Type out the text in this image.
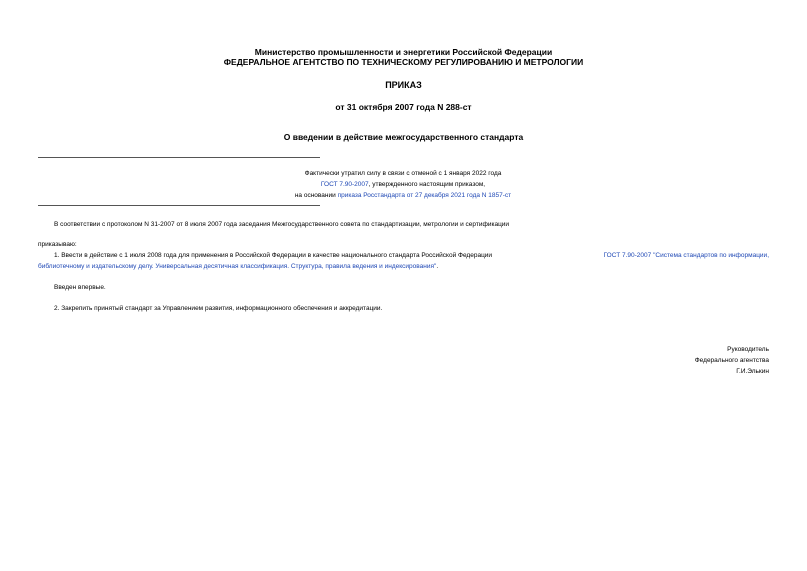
Министерство промышленности и энергетики Российской Федерации
ФЕДЕРАЛЬНОЕ АГЕНТСТВО ПО ТЕХНИЧЕСКОМУ РЕГУЛИРОВАНИЮ И МЕТРОЛОГИИ
ПРИКАЗ
от 31 октября 2007 года N 288-ст
О введении в действие межгосударственного стандарта
Фактически утратил силу в связи с отменой с 1 января 2022 года
ГОСТ 7.90-2007, утвержденного настоящим приказом,
на основании приказа Росстандарта от 27 декабря 2021 года N 1857-ст
В соответствии с протоколом N 31-2007 от 8 июля 2007 года заседания Межгосударственного совета по стандартизации, метрологии и сертификации
приказываю:
1. Ввести в действие с 1 июля 2008 года для применения в Российской Федерации в качестве национального стандарта Российской Федерации	ГОСТ 7.90-2007 "Система стандартов по информации,
библиотечному и издательскому делу. Универсальная десятичная классификация. Структура, правила ведения и индексирования".
Введен впервые.
2. Закрепить принятый стандарт за Управлением развития, информационного обеспечения и аккредитации.
Руководитель
Федерального агентства
Г.И.Элькин
